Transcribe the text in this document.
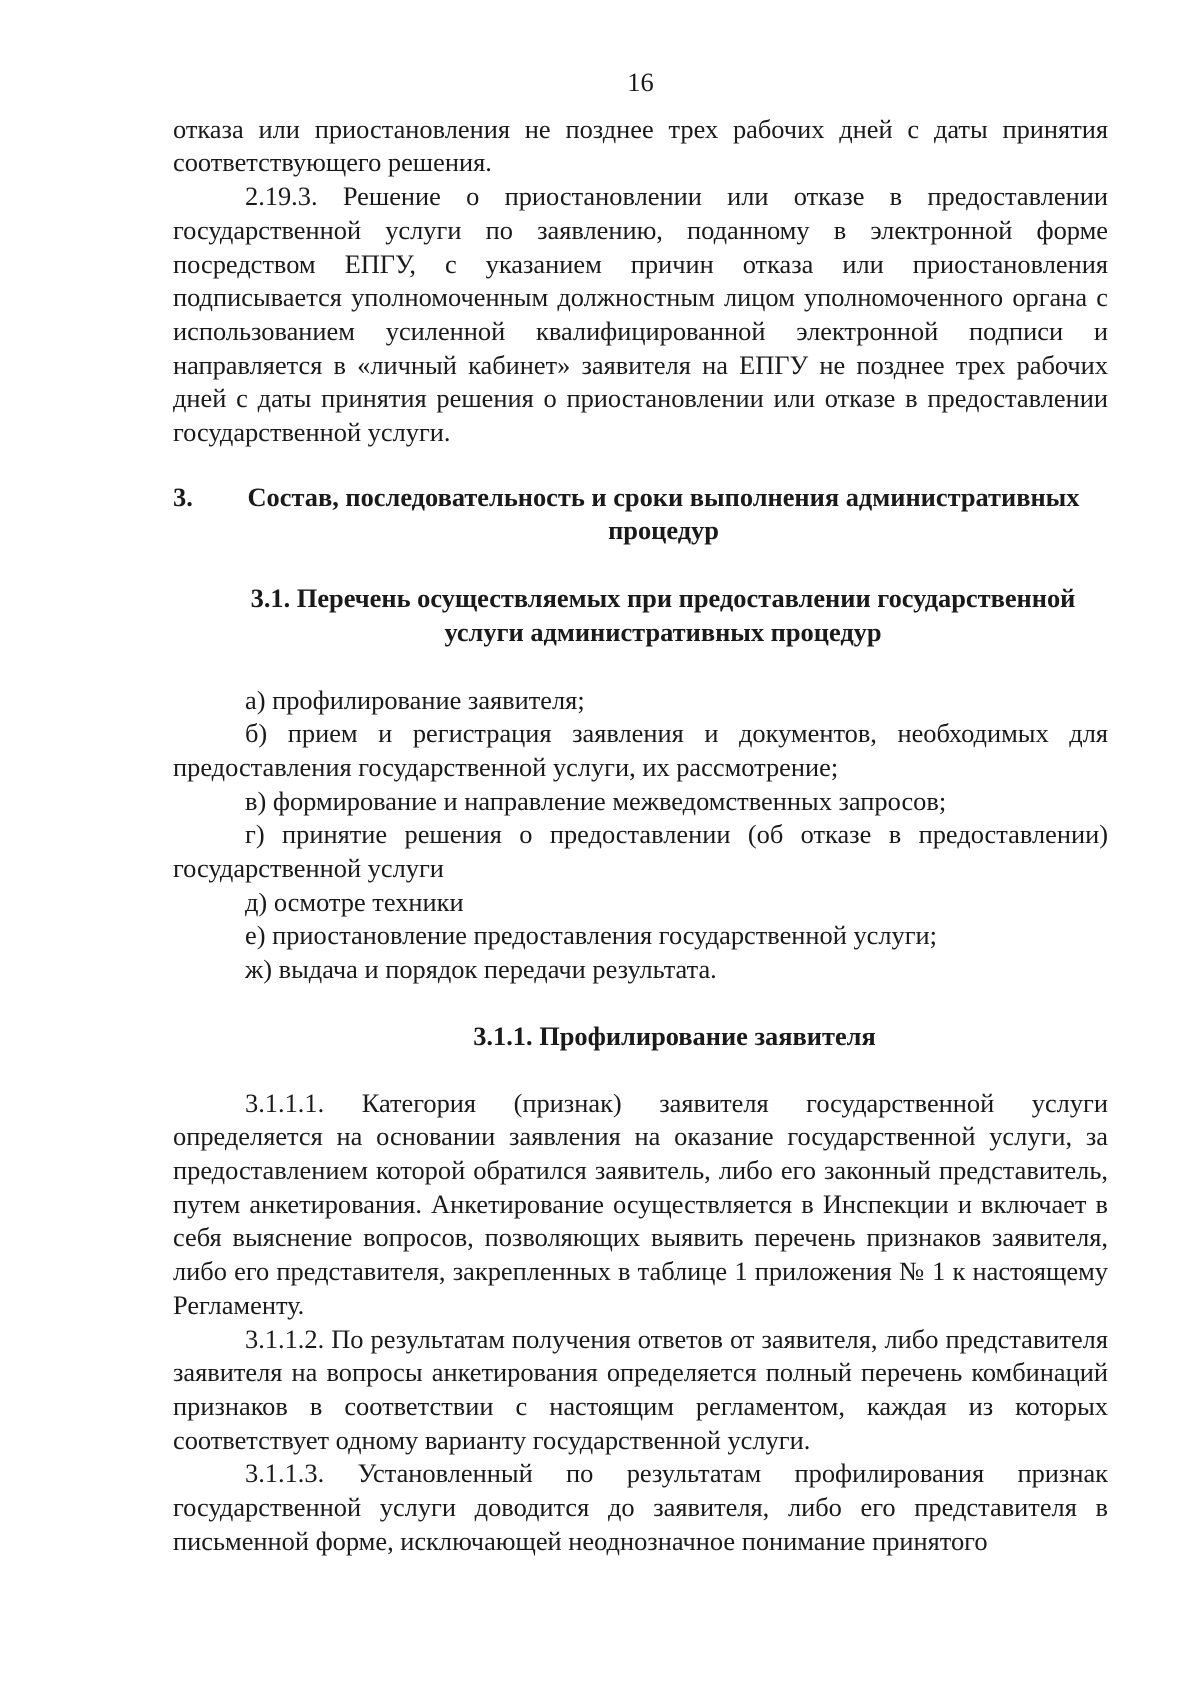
16

отказа или приостановления не позднее трех рабочих дней с даты принятия соответствующего решения.

2.19.3. Решение о приостановлении или отказе в предоставлении государственной услуги по заявлению, поданному в электронной форме посредством ЕПГУ, с указанием причин отказа или приостановления подписывается уполномоченным должностным лицом уполномоченного органа с использованием усиленной квалифицированной электронной подписи и направляется в «личный кабинет» заявителя на ЕПГУ не позднее трех рабочих дней с даты принятия решения о приостановлении или отказе в предоставлении государственной услуги.

3.	Состав, последовательность и сроки выполнения административных процедур
3.1. Перечень осуществляемых при предоставлении государственной услуги административных процедур

а) профилирование заявителя;

б) прием и регистрация заявления и документов, необходимых для предоставления государственной услуги, их рассмотрение;

в) формирование и направление межведомственных запросов;

г) принятие решения о предоставлении (об отказе в предоставлении) государственной услуги

д) осмотре техники

е) приостановление предоставления государственной услуги;

ж) выдача и порядок передачи результата.

3.1.1. Профилирование заявителя

3.1.1.1. Категория (признак) заявителя государственной услуги определяется на основании заявления на оказание государственной услуги, за предоставлением которой обратился заявитель, либо его законный представитель, путем анкетирования. Анкетирование осуществляется в Инспекции и включает в себя выяснение вопросов, позволяющих выявить перечень признаков заявителя, либо его представителя, закрепленных в таблице 1 приложения № 1 к настоящему Регламенту.

3.1.1.2. По результатам получения ответов от заявителя, либо представителя заявителя на вопросы анкетирования определяется полный перечень комбинаций признаков в соответствии с настоящим регламентом, каждая из которых соответствует одному варианту государственной услуги.

3.1.1.3. Установленный по результатам профилирования признак государственной услуги доводится до заявителя, либо его представителя в письменной форме, исключающей неоднозначное понимание принятого
